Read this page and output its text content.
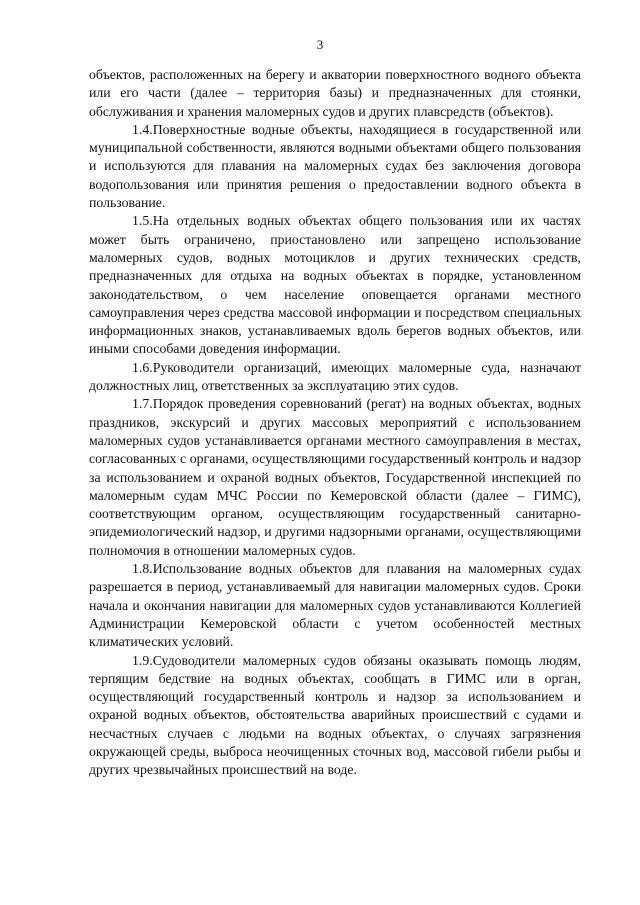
3

объектов, расположенных на берегу и акватории поверхностного водного объекта или его части (далее – территория базы) и предназначенных для стоянки, обслуживания и хранения маломерных судов и других плавсредств (объектов).

1.4.Поверхностные водные объекты, находящиеся в государственной или муниципальной собственности, являются водными объектами общего пользования и используются для плавания на маломерных судах без заключения договора водопользования или принятия решения о предоставлении водного объекта в пользование.

1.5.На отдельных водных объектах общего пользования или их частях может быть ограничено, приостановлено или запрещено использование маломерных судов, водных мотоциклов и других технических средств, предназначенных для отдыха на водных объектах в порядке, установленном законодательством, о чем население оповещается органами местного самоуправления через средства массовой информации и посредством специальных информационных знаков, устанавливаемых вдоль берегов водных объектов, или иными способами доведения информации.

1.6.Руководители организаций, имеющих маломерные суда, назначают должностных лиц, ответственных за эксплуатацию этих судов.

1.7.Порядок проведения соревнований (регат) на водных объектах, водных праздников, экскурсий и других массовых мероприятий с использованием маломерных судов устанавливается органами местного самоуправления в местах, согласованных с органами, осуществляющими государственный контроль и надзор за использованием и охраной водных объектов, Государственной инспекцией по маломерным судам МЧС России по Кемеровской области (далее – ГИМС), соответствующим органом, осуществляющим государственный санитарно-эпидемиологический надзор, и другими надзорными органами, осуществляющими полномочия в отношении маломерных судов.

1.8.Использование водных объектов для плавания на маломерных судах разрешается в период, устанавливаемый для навигации маломерных судов. Сроки начала и окончания навигации для маломерных судов устанавливаются Коллегией Администрации Кемеровской области с учетом особенностей местных климатических условий.

1.9.Судоводители маломерных судов обязаны оказывать помощь людям, терпящим бедствие на водных объектах, сообщать в ГИМС или в орган, осуществляющий государственный контроль и надзор за использованием и охраной водных объектов, обстоятельства аварийных происшествий с судами и несчастных случаев с людьми на водных объектах, о случаях загрязнения окружающей среды, выброса неочищенных сточных вод, массовой гибели рыбы и других чрезвычайных происшествий на воде.
